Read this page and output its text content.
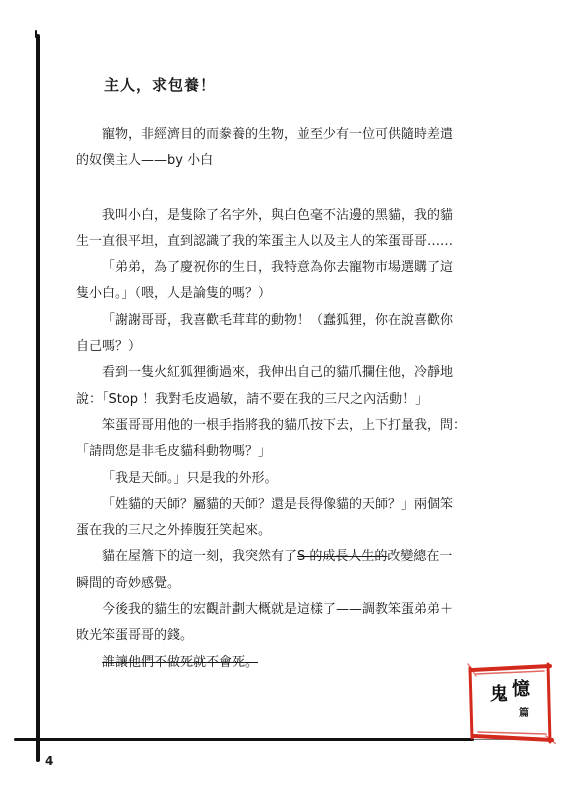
主人，求包養！

寵物，非經濟目的而豢養的生物，並至少有一位可供隨時差遣

的奴僕主人——by 小白

我叫小白，是隻除了名字外，與白色毫不沾邊的黑貓，我的貓

生一直很平坦，直到認識了我的笨蛋主人以及主人的笨蛋哥哥……

「弟弟，為了慶祝你的生日，我特意為你去寵物市場選購了這

隻小白。」（喂，人是論隻的嗎？）

「謝謝哥哥，我喜歡毛茸茸的動物！（蠢狐狸，你在說喜歡你

自己嗎？）

看到一隻火紅狐狸衝過來，我伸出自己的貓爪攔住他，冷靜地

說：「Stop ！我對毛皮過敏，請不要在我的三尺之內活動！」

笨蛋哥哥用他的一根手指將我的貓爪按下去，上下打量我，問：

「請問您是非毛皮貓科動物嗎？」

「我是天師。」只是我的外形。

「姓貓的天師？屬貓的天師？還是長得像貓的天師？」兩個笨

蛋在我的三尺之外捧腹狂笑起來。

貓在屋簷下的這一刻，我突然有了S 的成長人生的改變總在一

瞬間的奇妙感覺。

今後我的貓生的宏觀計劃大概就是這樣了——調教笨蛋弟弟＋

敗光笨蛋哥哥的錢。

誰讓他們不做死就不會死。

4
鬼 憶
篇
